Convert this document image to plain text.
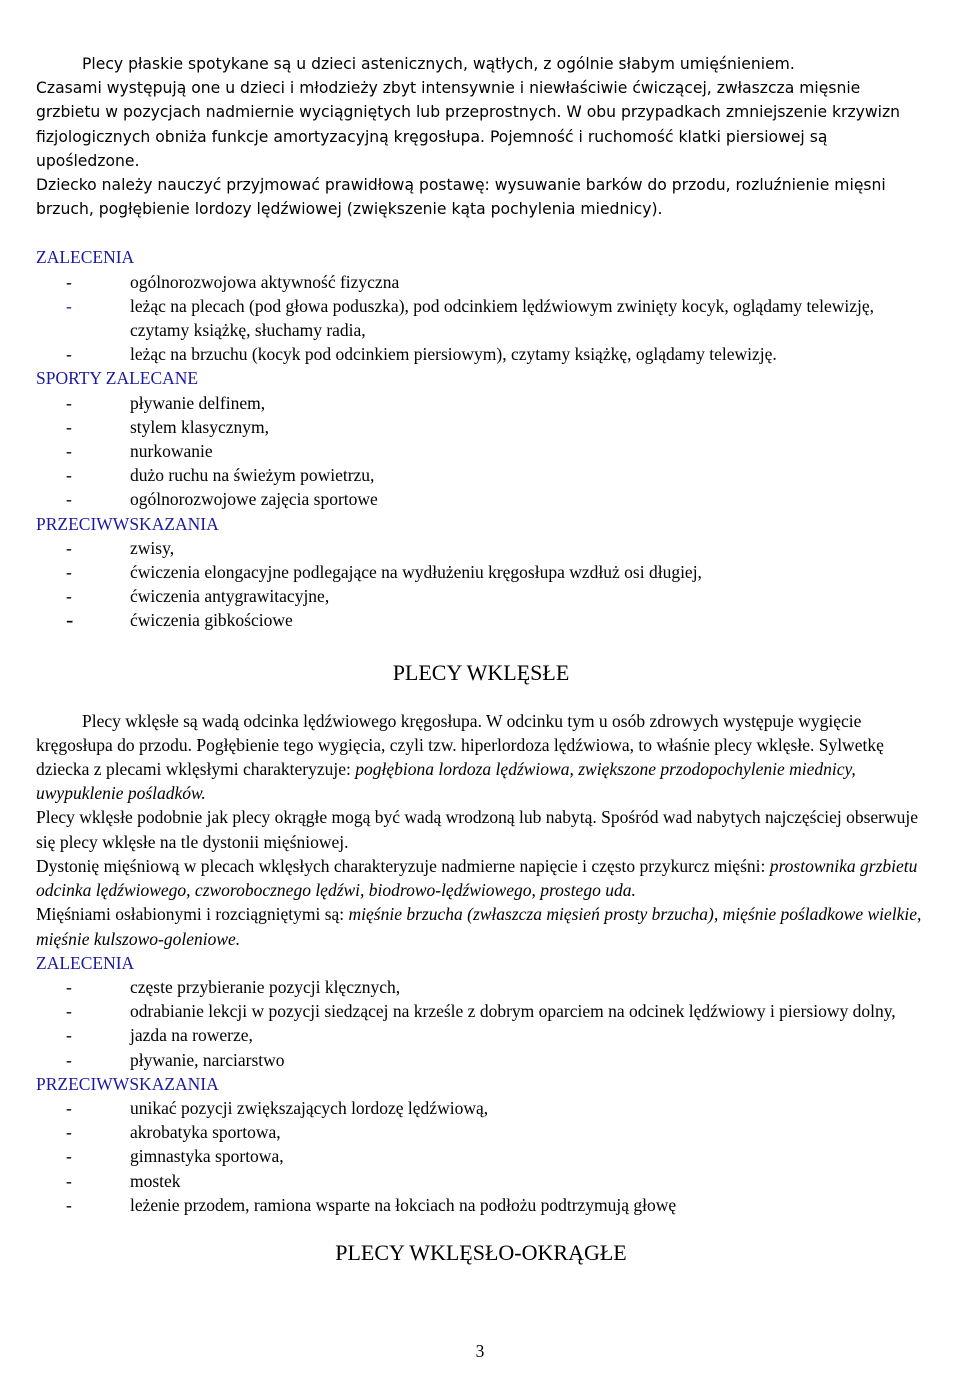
Plecy płaskie spotykane są u dzieci astenicznych, wątłych, z ogólnie słabym umięśnieniem.

Czasami występują one u dzieci i młodzieży zbyt intensywnie i niewłaściwie ćwiczącej, zwłaszcza mięsnie grzbietu w pozycjach nadmiernie wyciągniętych lub przeprostnych. W obu przypadkach zmniejszenie krzywizn fizjologicznych obniża funkcje amortyzacyjną kręgosłupa. Pojemność i ruchomość klatki piersiowej są upośledzone.

Dziecko należy nauczyć przyjmować prawidłową postawę: wysuwanie barków do przodu, rozluźnienie mięsni brzuch, pogłębienie lordozy lędźwiowej (zwiększenie kąta pochylenia miednicy).

ZALECENIA

-	ogólnorozwojowa aktywność fizyczna
-	leżąc na plecach (pod głowa poduszka), pod odcinkiem lędźwiowym zwinięty kocyk, oglądamy telewizję, czytamy książkę, słuchamy radia,
-	leżąc na brzuchu (kocyk pod odcinkiem piersiowym), czytamy książkę, oglądamy telewizję.

SPORTY ZALECANE

-	pływanie delfinem,
-	stylem klasycznym,
-	nurkowanie
-	dużo ruchu na świeżym powietrzu,
-	ogólnorozwojowe zajęcia sportowe

PRZECIWWSKAZANIA

-	zwisy,
-	ćwiczenia elongacyjne podlegające na wydłużeniu kręgosłupa wzdłuż osi długiej,
-	ćwiczenia antygrawitacyjne,
-	ćwiczenia gibkościowe
PLECY WKLĘSŁE

Plecy wklęsłe są wadą odcinka lędźwiowego kręgosłupa. W odcinku tym u osób zdrowych występuje wygięcie kręgosłupa do przodu. Pogłębienie tego wygięcia, czyli tzw. hiperlordoza lędźwiowa, to właśnie plecy wklęsłe. Sylwetkę dziecka z plecami wklęsłymi charakteryzuje: pogłębiona lordoza lędźwiowa, zwiększone przodopochylenie miednicy, uwypuklenie pośladków.

Plecy wklęsłe podobnie jak plecy okrągłe mogą być wadą wrodzoną lub nabytą. Spośród wad nabytych najczęściej obserwuje się plecy wklęsłe na tle dystonii mięśniowej.

Dystonię mięśniową w plecach wklęsłych charakteryzuje nadmierne napięcie i często przykurcz mięśni: prostownika grzbietu odcinka lędźwiowego, czworobocznego lędźwi, biodrowo-lędźwiowego, prostego uda.

Mięśniami osłabionymi i rozciągniętymi są: mięśnie brzucha (zwłaszcza mięsień prosty brzucha), mięśnie pośladkowe wielkie, mięśnie kulszowo-goleniowe.

ZALECENIA

-	częste przybieranie pozycji klęcznych,
-	odrabianie lekcji w pozycji siedzącej na krześle z dobrym oparciem na odcinek lędźwiowy i piersiowy dolny,
-	jazda na rowerze,
-	pływanie, narciarstwo

PRZECIWWSKAZANIA

-	unikać pozycji zwiększających lordozę lędźwiową,
-	akrobatyka sportowa,
-	gimnastyka sportowa,
-	mostek
-	leżenie przodem, ramiona wsparte na łokciach na podłożu podtrzymują głowę
PLECY WKLĘSŁO-OKRĄGŁE
3
